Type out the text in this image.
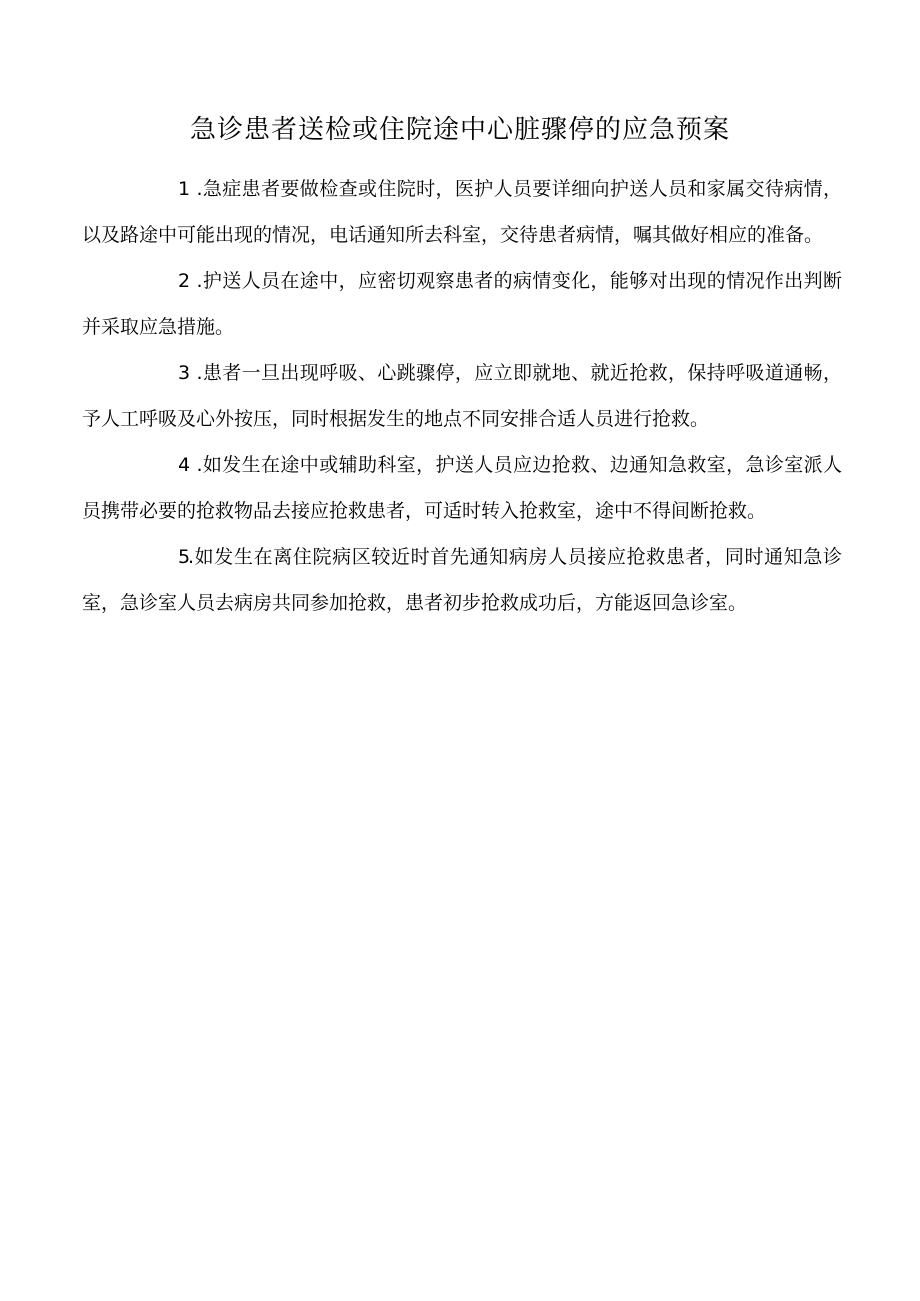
急诊患者送检或住院途中心脏骤停的应急预案

1 .急症患者要做检查或住院时，医护人员要详细向护送人员和家属交待病情，以及路途中可能出现的情况，电话通知所去科室，交待患者病情，嘱其做好相应的准备。

2 .护送人员在途中，应密切观察患者的病情变化，能够对出现的情况作出判断并采取应急措施。

3 .患者一旦出现呼吸、心跳骤停，应立即就地、就近抢救，保持呼吸道通畅，予人工呼吸及心外按压，同时根据发生的地点不同安排合适人员进行抢救。

4 .如发生在途中或辅助科室，护送人员应边抢救、边通知急救室，急诊室派人员携带必要的抢救物品去接应抢救患者，可适时转入抢救室，途中不得间断抢救。

5.如发生在离住院病区较近时首先通知病房人员接应抢救患者，同时通知急诊室，急诊室人员去病房共同参加抢救，患者初步抢救成功后，方能返回急诊室。
